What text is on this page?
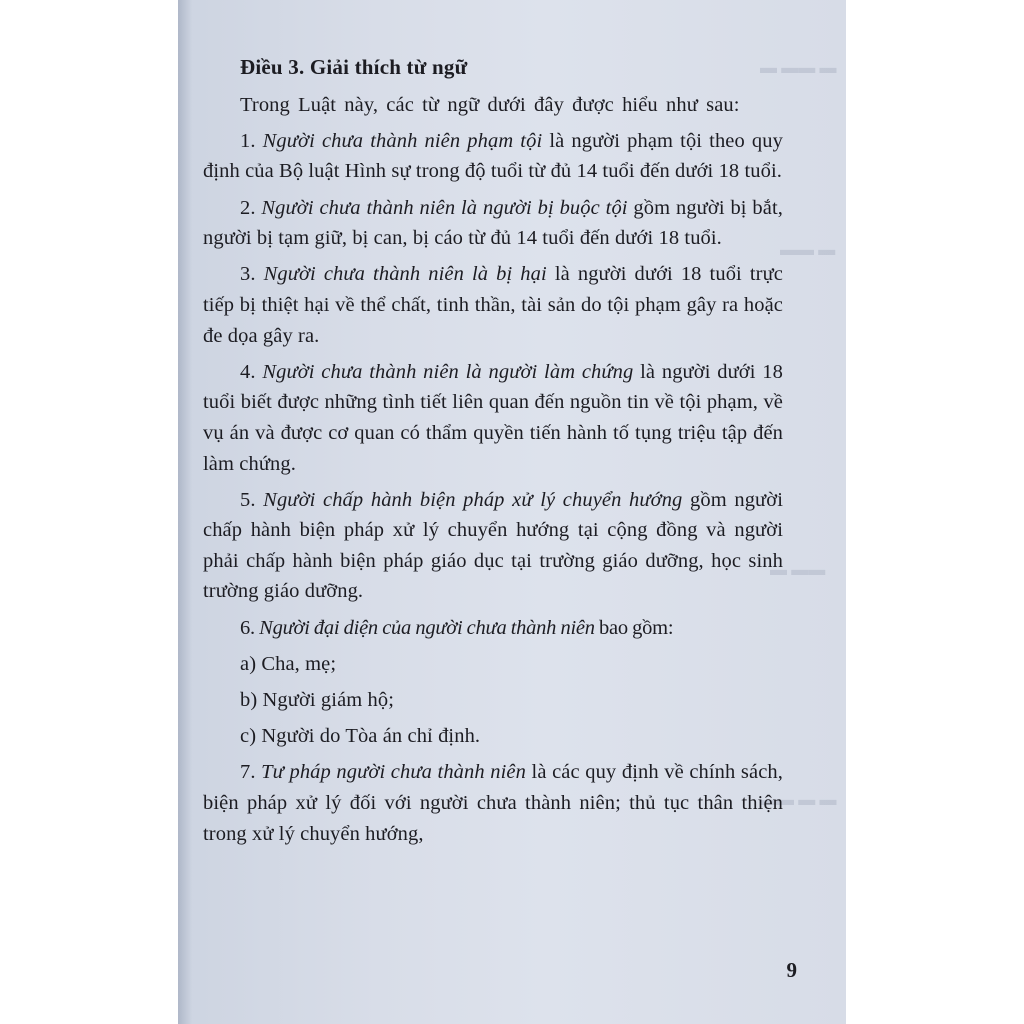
▬ ▬▬ ▬
▬▬ ▬
▬ ▬▬
▬▬ ▬ ▬
Điều 3. Giải thích từ ngữ

Trong Luật này, các từ ngữ dưới đây được hiểu như sau:

1. Người chưa thành niên phạm tội là người phạm tội theo quy định của Bộ luật Hình sự trong độ tuổi từ đủ 14 tuổi đến dưới 18 tuổi.

2. Người chưa thành niên là người bị buộc tội gồm người bị bắt, người bị tạm giữ, bị can, bị cáo từ đủ 14 tuổi đến dưới 18 tuổi.

3. Người chưa thành niên là bị hại là người dưới 18 tuổi trực tiếp bị thiệt hại về thể chất, tinh thần, tài sản do tội phạm gây ra hoặc đe dọa gây ra.

4. Người chưa thành niên là người làm chứng là người dưới 18 tuổi biết được những tình tiết liên quan đến nguồn tin về tội phạm, về vụ án và được cơ quan có thẩm quyền tiến hành tố tụng triệu tập đến làm chứng.

5. Người chấp hành biện pháp xử lý chuyển hướng gồm người chấp hành biện pháp xử lý chuyển hướng tại cộng đồng và người phải chấp hành biện pháp giáo dục tại trường giáo dưỡng, học sinh trường giáo dưỡng.

6. Người đại diện của người chưa thành niên bao gồm:

a) Cha, mẹ;
b) Người giám hộ;
c) Người do Tòa án chỉ định.

7. Tư pháp người chưa thành niên là các quy định về chính sách, biện pháp xử lý đối với người chưa thành niên; thủ tục thân thiện trong xử lý chuyển hướng,

9
